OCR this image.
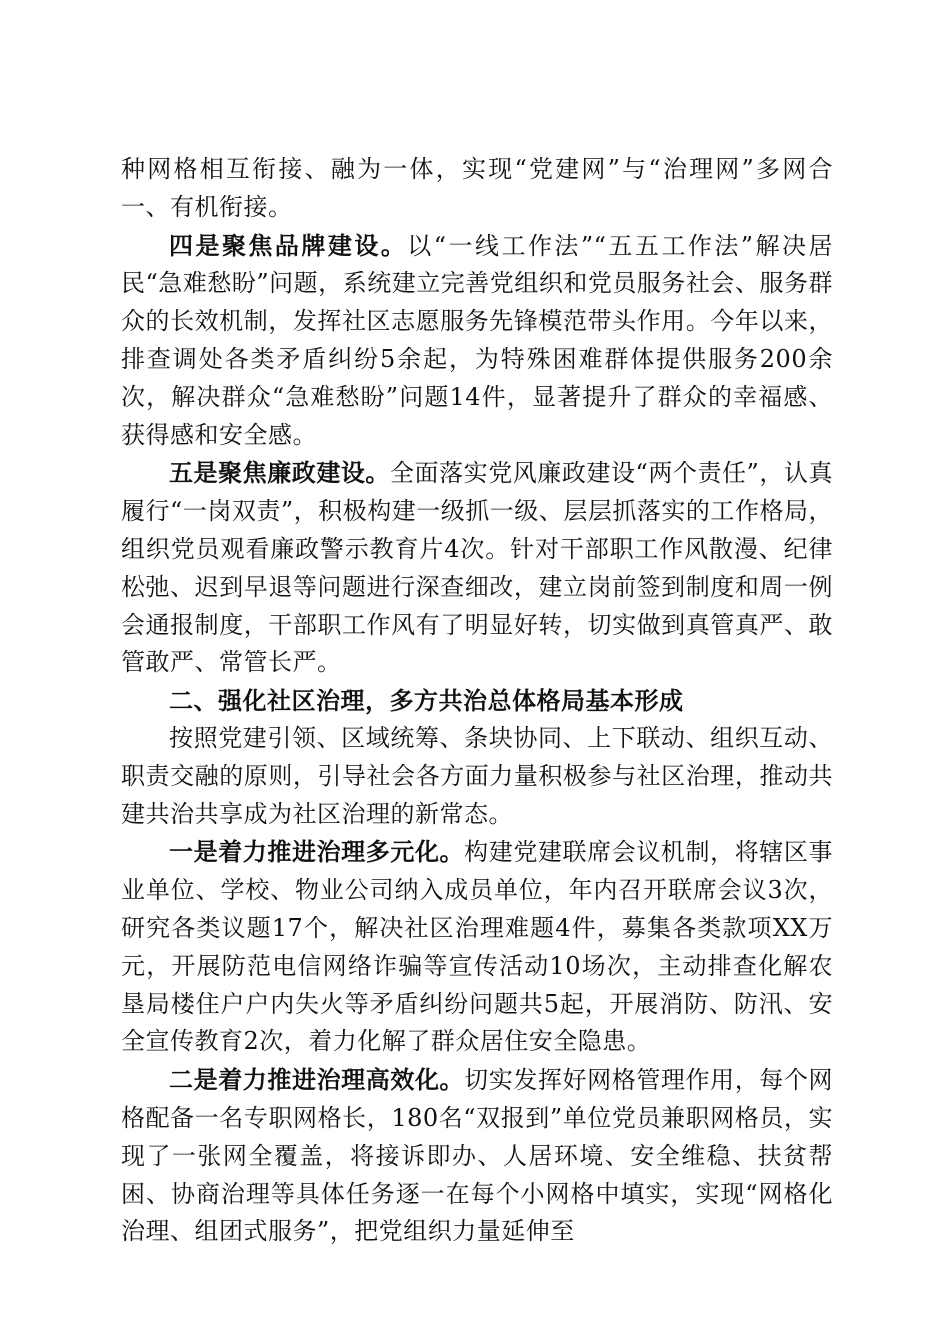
种网格相互衔接、融为一体，实现“党建网”与“治理网”多网合一、有机衔接。

四是聚焦品牌建设。以“一线工作法”“五五工作法”解决居民“急难愁盼”问题，系统建立完善党组织和党员服务社会、服务群众的长效机制，发挥社区志愿服务先锋模范带头作用。今年以来，排查调处各类矛盾纠纷5余起，为特殊困难群体提供服务200余次，解决群众“急难愁盼”问题14件，显著提升了群众的幸福感、获得感和安全感。

五是聚焦廉政建设。全面落实党风廉政建设“两个责任”，认真履行“一岗双责”，积极构建一级抓一级、层层抓落实的工作格局，组织党员观看廉政警示教育片4次。针对干部职工作风散漫、纪律松弛、迟到早退等问题进行深查细改，建立岗前签到制度和周一例会通报制度，干部职工作风有了明显好转，切实做到真管真严、敢管敢严、常管长严。

二、强化社区治理，多方共治总体格局基本形成

按照党建引领、区域统筹、条块协同、上下联动、组织互动、职责交融的原则，引导社会各方面力量积极参与社区治理，推动共建共治共享成为社区治理的新常态。

一是着力推进治理多元化。构建党建联席会议机制，将辖区事业单位、学校、物业公司纳入成员单位，年内召开联席会议3次，研究各类议题17个，解决社区治理难题4件，募集各类款项XX万元，开展防范电信网络诈骗等宣传活动10场次，主动排查化解农垦局楼住户户内失火等矛盾纠纷问题共5起，开展消防、防汛、安全宣传教育2次，着力化解了群众居住安全隐患。

二是着力推进治理高效化。切实发挥好网格管理作用，每个网格配备一名专职网格长，180名“双报到”单位党员兼职网格员，实现了一张网全覆盖，将接诉即办、人居环境、安全维稳、扶贫帮困、协商治理等具体任务逐一在每个小网格中填实，实现“网格化治理、组团式服务”，把党组织力量延伸至
